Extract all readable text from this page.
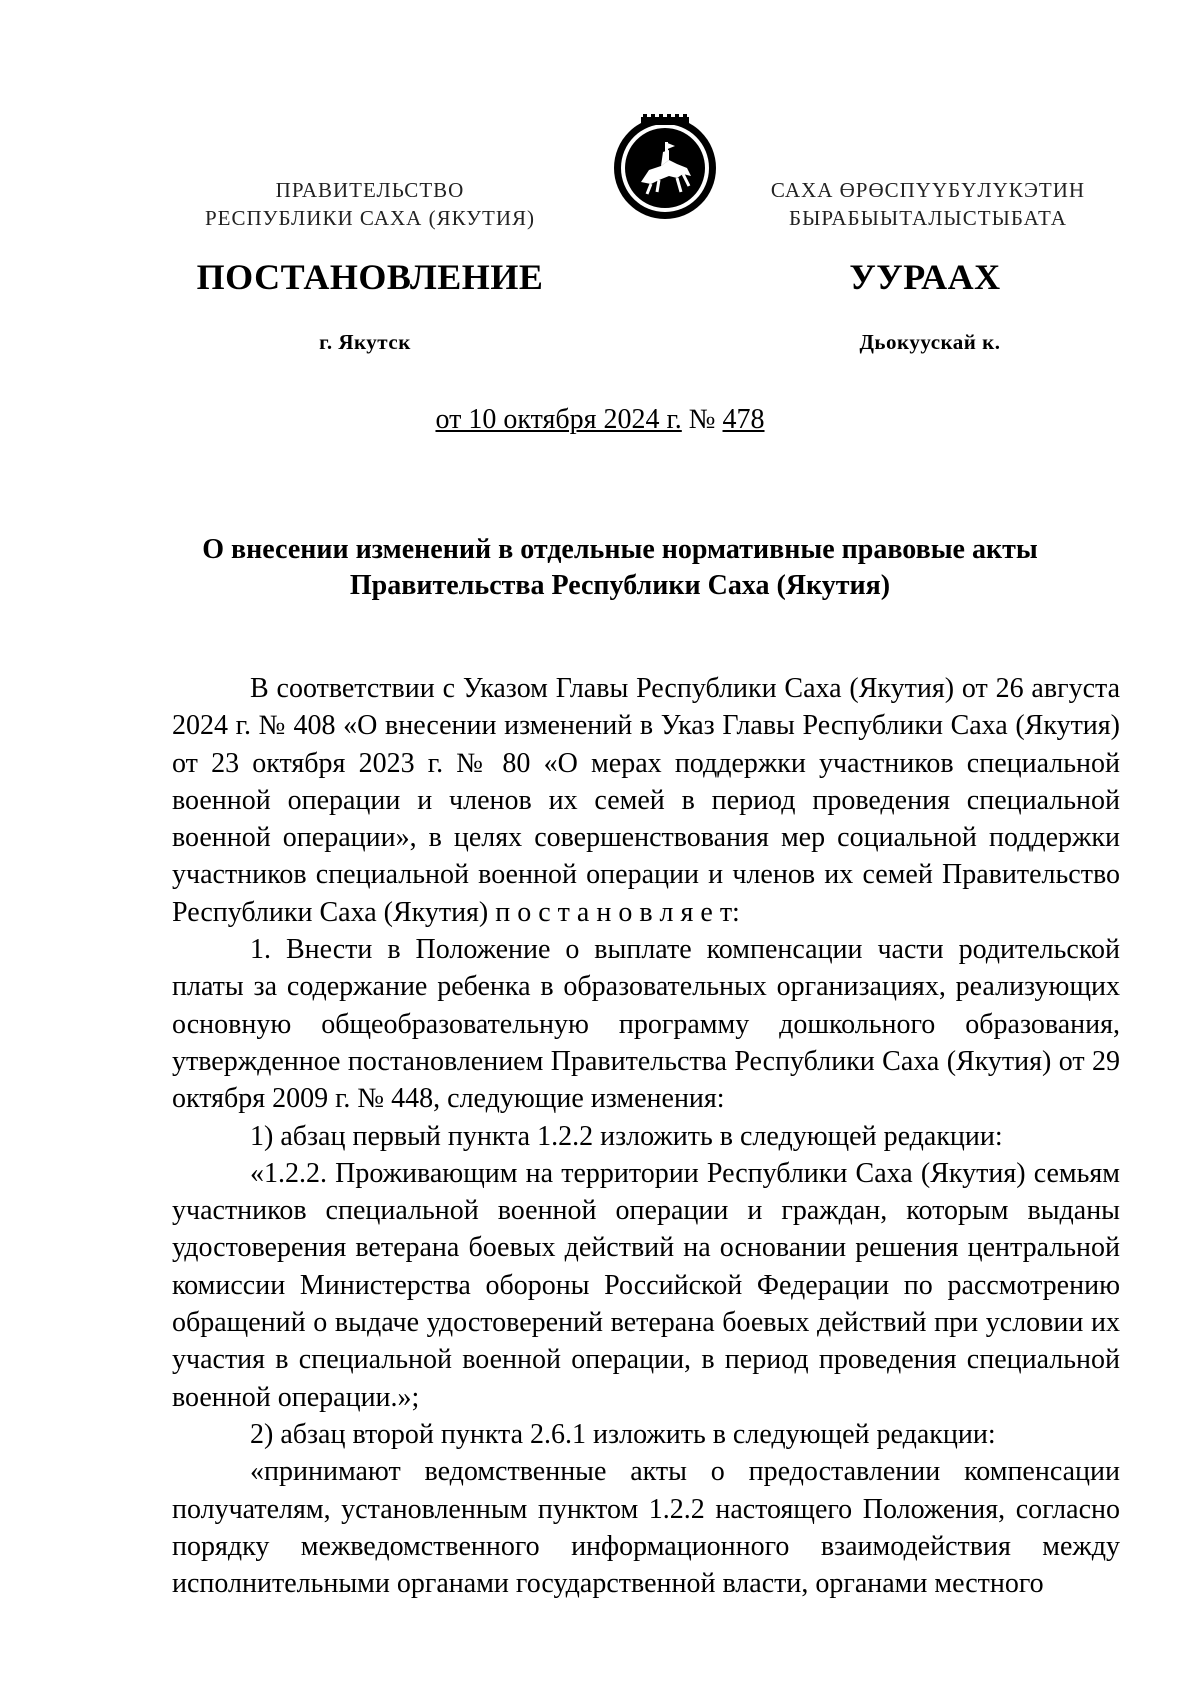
ПРАВИТЕЛЬСТВО
РЕСПУБЛИКИ САХА (ЯКУТИЯ)
САХА ӨРӨСПҮҮБҮЛҮКЭТИН
БЫРАБЫЫТАЛЫСТЫБАТА
ПОСТАНОВЛЕНИЕ	УУРААХ
г. Якутск	Дьокуускай к.
от 10 октября 2024 г. № 478
О внесении изменений в отдельные нормативные правовые акты
Правительства Республики Саха (Якутия)

В соответствии с Указом Главы Республики Саха (Якутия) от 26 августа 2024 г. № 408 «О внесении изменений в Указ Главы Республики Саха (Якутия) от 23 октября 2023 г. № 80 «О мерах поддержки участников специальной военной операции и членов их семей в период проведения специальной военной операции», в целях совершенствования мер социальной поддержки участников специальной военной операции и членов их семей Правительство Республики Саха (Якутия) п о с т а н о в л я е т:

1. Внести в Положение о выплате компенсации части родительской платы за содержание ребенка в образовательных организациях, реализующих основную общеобразовательную программу дошкольного образования, утвержденное постановлением Правительства Республики Саха (Якутия) от 29 октября 2009 г. № 448, следующие изменения:

1) абзац первый пункта 1.2.2 изложить в следующей редакции:

«1.2.2. Проживающим на территории Республики Саха (Якутия) семьям участников специальной военной операции и граждан, которым выданы удостоверения ветерана боевых действий на основании решения центральной комиссии Министерства обороны Российской Федерации по рассмотрению обращений о выдаче удостоверений ветерана боевых действий при условии их участия в специальной военной операции, в период проведения специальной военной операции.»;

2) абзац второй пункта 2.6.1 изложить в следующей редакции:

«принимают ведомственные акты о предоставлении компенсации получателям, установленным пунктом 1.2.2 настоящего Положения, согласно порядку межведомственного информационного взаимодействия между исполнительными органами государственной власти, органами местного
